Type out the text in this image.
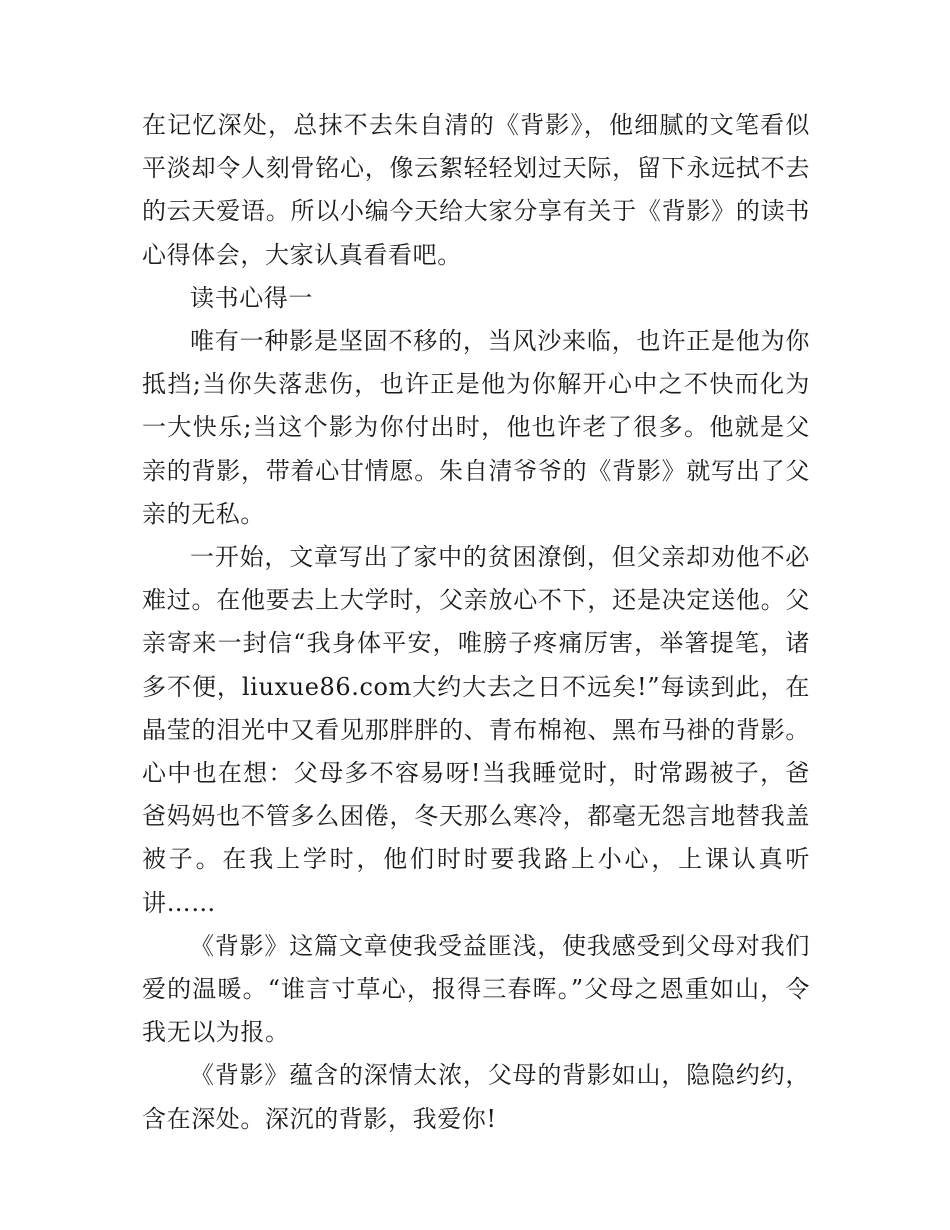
在记忆深处，总抹不去朱自清的《背影》，他细腻的文笔看似平淡却令人刻骨铭心，像云絮轻轻划过天际，留下永远拭不去的云天爱语。所以小编今天给大家分享有关于《背影》的读书心得体会，大家认真看看吧。

读书心得一

唯有一种影是坚固不移的，当风沙来临，也许正是他为你抵挡;当你失落悲伤，也许正是他为你解开心中之不快而化为一大快乐;当这个影为你付出时，他也许老了很多。他就是父亲的背影，带着心甘情愿。朱自清爷爷的《背影》就写出了父亲的无私。

一开始，文章写出了家中的贫困潦倒，但父亲却劝他不必难过。在他要去上大学时，父亲放心不下，还是决定送他。父亲寄来一封信“我身体平安，唯膀子疼痛厉害，举箸提笔，诸多不便，liuxue86.com大约大去之日不远矣!”每读到此，在晶莹的泪光中又看见那胖胖的、青布棉袍、黑布马褂的背影。心中也在想：父母多不容易呀!当我睡觉时，时常踢被子，爸爸妈妈也不管多么困倦，冬天那么寒冷，都毫无怨言地替我盖被子。在我上学时，他们时时要我路上小心，上课认真听讲……

《背影》这篇文章使我受益匪浅，使我感受到父母对我们爱的温暖。“谁言寸草心，报得三春晖。”父母之恩重如山，令我无以为报。

《背影》蕴含的深情太浓，父母的背影如山，隐隐约约，含在深处。深沉的背影，我爱你!
